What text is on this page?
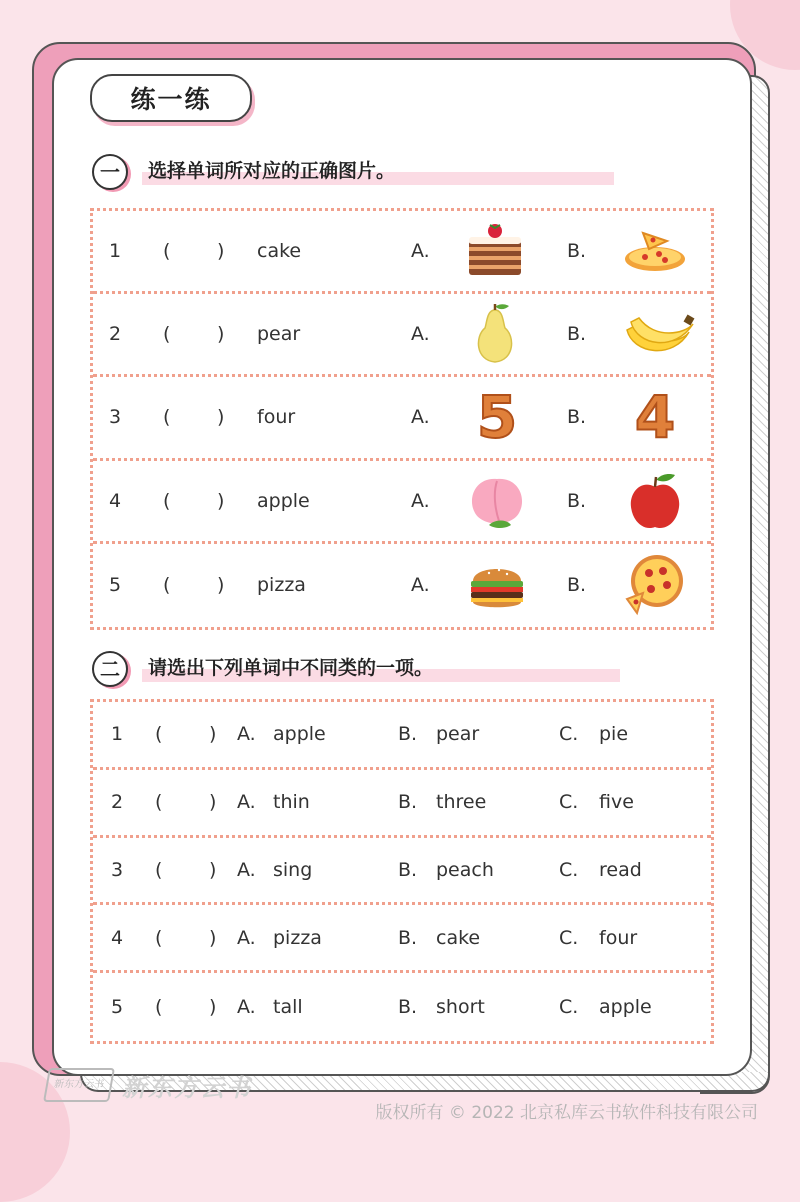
练一练
一	选择单词所对应的正确图片。
1 ( ) cake	A.	B.
2 ( ) pear	A.	B.
3 ( ) four	A.	B.
4 ( ) apple	A.	B.
5 ( ) pizza	A.	B.
二	请选出下列单词中不同类的一项。
1 ( ) A. apple	B. pear	C. pie
2 ( ) A. thin	B. three	C. five
3 ( ) A. sing	B. peach	C. read
4 ( ) A. pizza	B. cake	C. four
5 ( ) A. tall	B. short	C. apple
新东方云书 新东方云书
版权所有 © 2022 北京私库云书软件科技有限公司
